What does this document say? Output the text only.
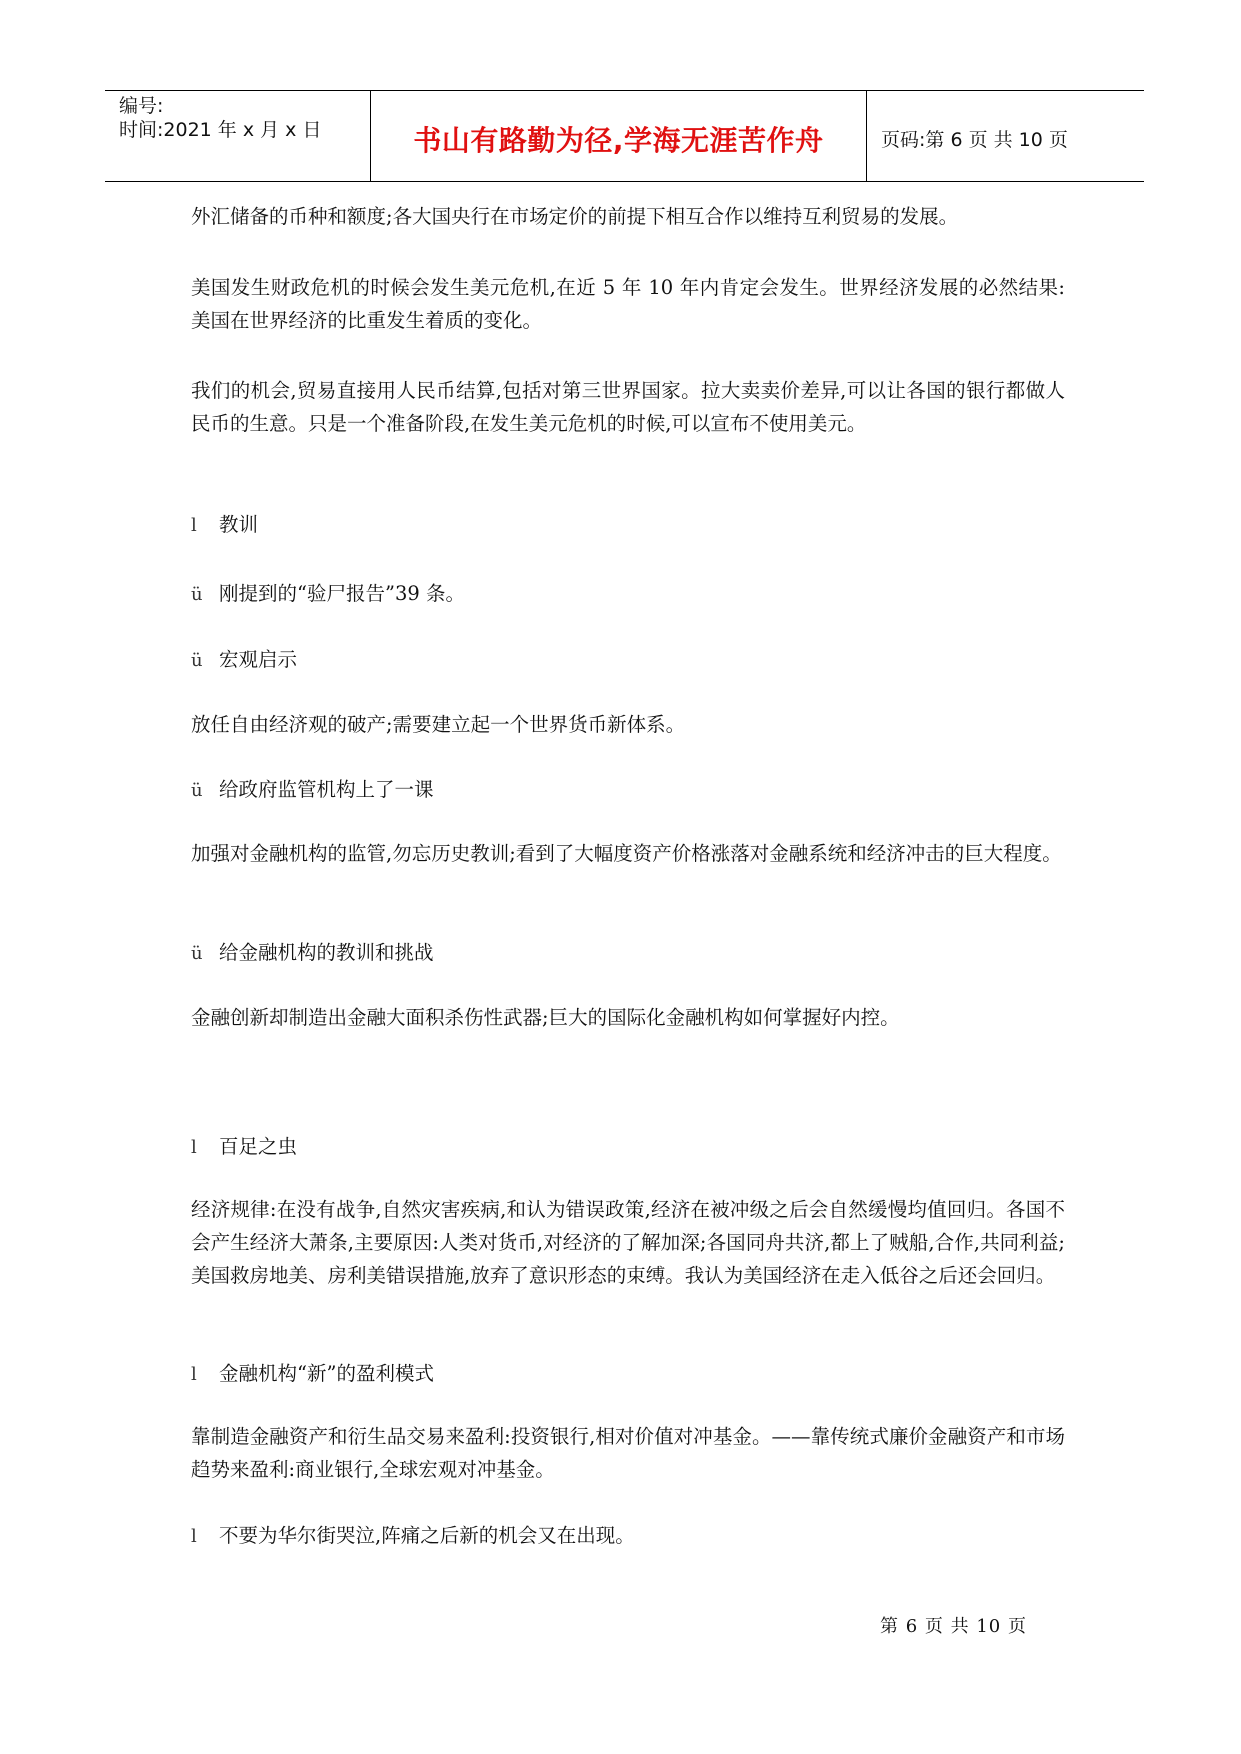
编号:
时间:2021 年 x 月 x 日	书山有路勤为径,学海无涯苦作舟	页码:第 6 页 共 10 页
外汇储备的币种和额度;各大国央行在市场定价的前提下相互合作以维持互利贸易的发展。
美国发生财政危机的时候会发生美元危机,在近 5 年 10 年内肯定会发生。世界经济发展的必然结果:美国在世界经济的比重发生着质的变化。
我们的机会,贸易直接用人民币结算,包括对第三世界国家。拉大卖卖价差异,可以让各国的银行都做人民币的生意。只是一个准备阶段,在发生美元危机的时候,可以宣布不使用美元。
l 教训
ü 刚提到的“验尸报告”39 条。
ü 宏观启示
放任自由经济观的破产;需要建立起一个世界货币新体系。
ü 给政府监管机构上了一课
加强对金融机构的监管,勿忘历史教训;看到了大幅度资产价格涨落对金融系统和经济冲击的巨大程度。
ü 给金融机构的教训和挑战
金融创新却制造出金融大面积杀伤性武器;巨大的国际化金融机构如何掌握好内控。
l 百足之虫
经济规律:在没有战争,自然灾害疾病,和认为错误政策,经济在被冲级之后会自然缓慢均值回归。各国不会产生经济大萧条,主要原因:人类对货币,对经济的了解加深;各国同舟共济,都上了贼船,合作,共同利益;美国救房地美、房利美错误措施,放弃了意识形态的束缚。我认为美国经济在走入低谷之后还会回归。
l 金融机构“新”的盈利模式
靠制造金融资产和衍生品交易来盈利:投资银行,相对价值对冲基金。——靠传统式廉价金融资产和市场趋势来盈利:商业银行,全球宏观对冲基金。
l 不要为华尔街哭泣,阵痛之后新的机会又在出现。
第 6 页 共 10 页
